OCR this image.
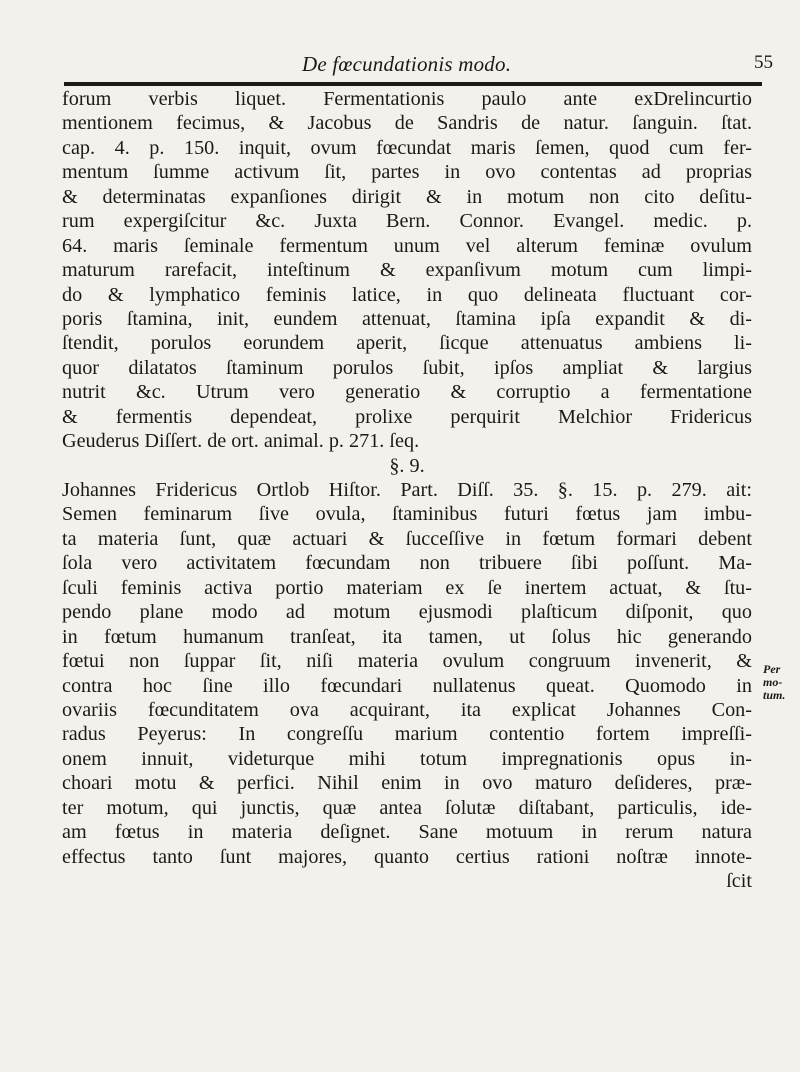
De fœcundationis modo.	55
forum verbis liquet. Fermentationis paulo ante exDrelincurtio
mentionem fecimus, & Jacobus de Sandris de natur. ſanguin. ſtat.
cap. 4. p. 150. inquit, ovum fœcundat maris ſemen, quod cum fer-
mentum ſumme activum ſit, partes in ovo contentas ad proprias
& determinatas expanſiones dirigit & in motum non cito deſitu-
rum expergiſcitur &c. Juxta Bern. Connor. Evangel. medic. p.
64. maris ſeminale fermentum unum vel alterum feminæ ovulum
maturum rarefacit, inteſtinum & expanſivum motum cum limpi-
do & lymphatico feminis latice, in quo delineata fluctuant cor-
poris ſtamina, init, eundem attenuat, ſtamina ipſa expandit & di-
ſtendit, porulos eorundem aperit, ſicque attenuatus ambiens li-
quor dilatatos ſtaminum porulos ſubit, ipſos ampliat & largius
nutrit &c. Utrum vero generatio & corruptio a fermentatione
& fermentis dependeat, prolixe perquirit Melchior Fridericus
Geuderus Diſſert. de ort. animal. p. 271. ſeq.
§. 9.
Johannes Fridericus Ortlob Hiſtor. Part. Diſſ. 35. §. 15. p. 279. ait:
Semen feminarum ſive ovula, ſtaminibus futuri fœtus jam imbu-
ta materia ſunt, quæ actuari & ſucceſſive in fœtum formari debent
ſola vero activitatem fœcundam non tribuere ſibi poſſunt. Ma-
ſculi feminis activa portio materiam ex ſe inertem actuat, & ſtu-
pendo plane modo ad motum ejusmodi plaſticum diſponit, quo
in fœtum humanum tranſeat, ita tamen, ut ſolus hic generando
fœtui non ſuppar ſit, niſi materia ovulum congruum invenerit, &
contra hoc ſine illo fœcundari nullatenus queat. Quomodo in
ovariis fœcunditatem ova acquirant, ita explicat Johannes Con-
radus Peyerus: In congreſſu marium contentio fortem impreſſi-
onem innuit, videturque mihi totum impregnationis opus in-
choari motu & perfici. Nihil enim in ovo maturo deſideres, præ-
ter motum, qui junctis, quæ antea ſolutæ diſtabant, particulis, ide-
am fœtus in materia deſignet. Sane motuum in rerum natura
effectus tanto ſunt majores, quanto certius rationi noſtræ innote-
ſcit
Per mo-
tum.
